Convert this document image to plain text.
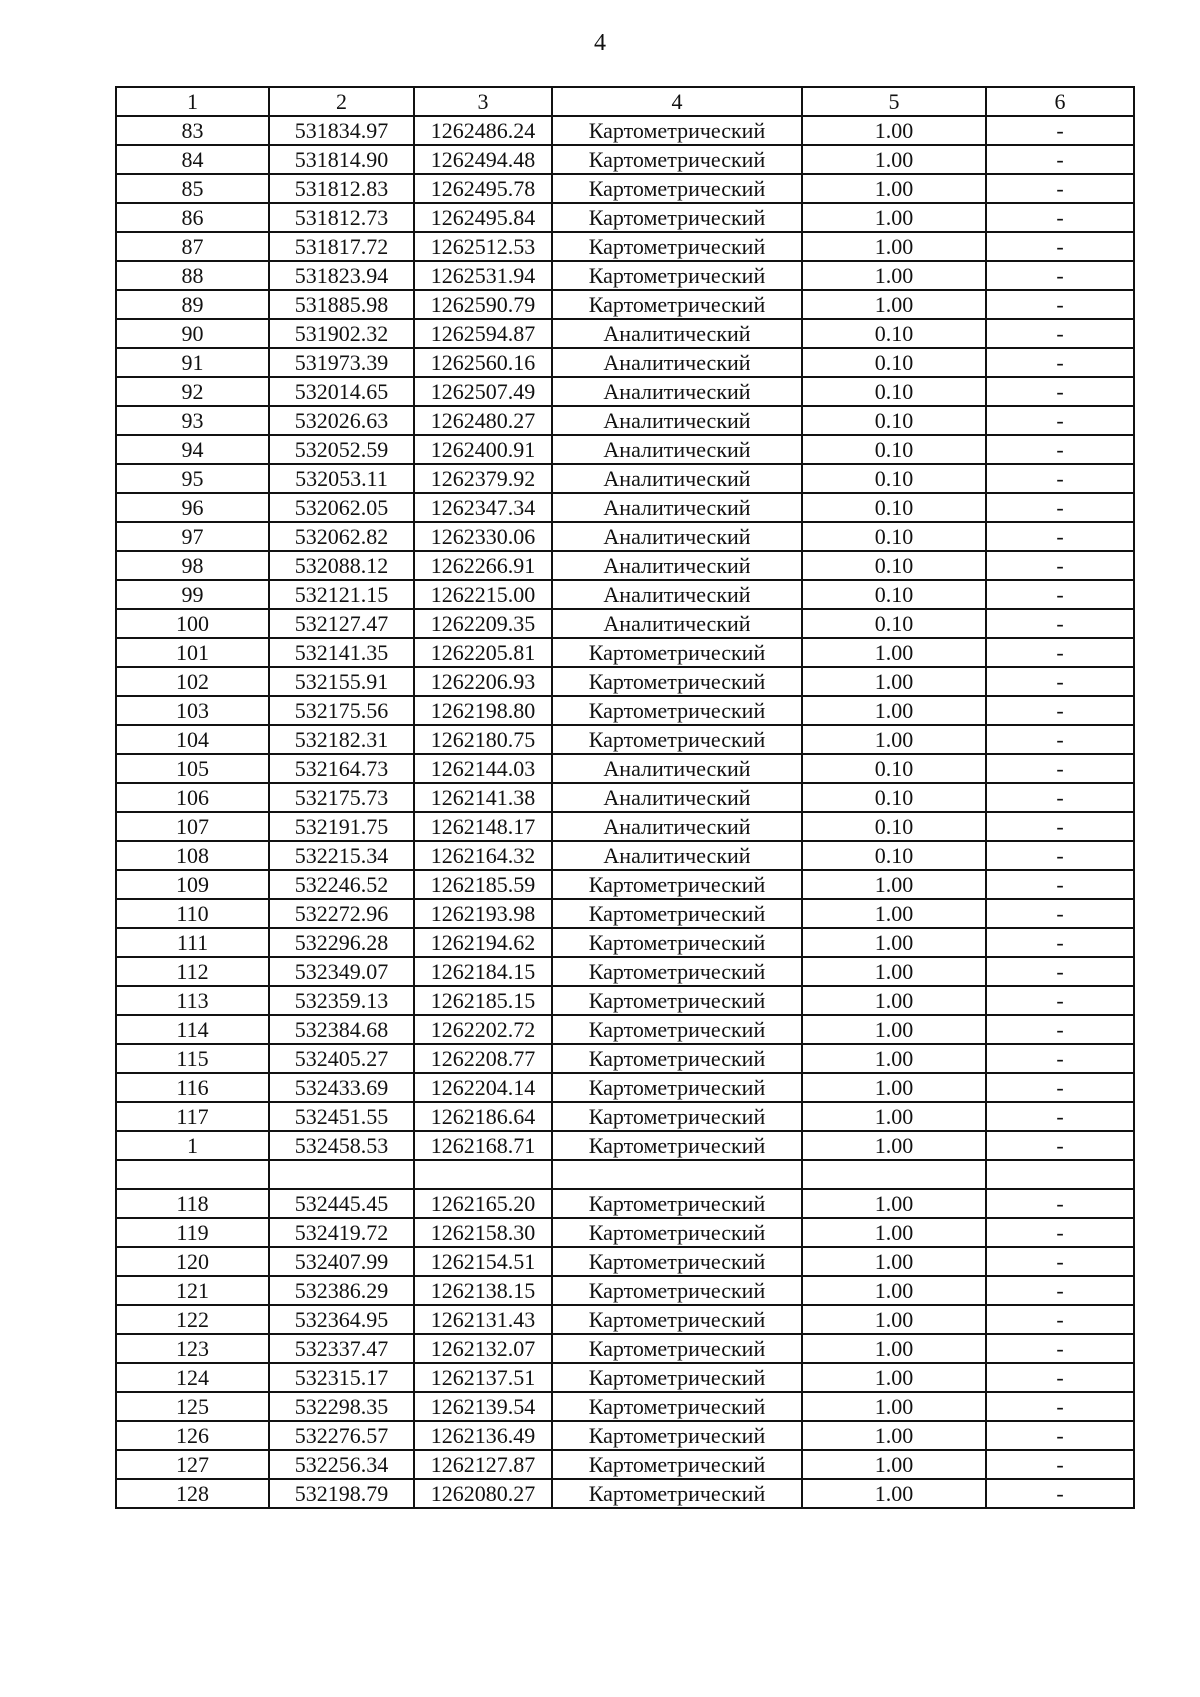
4
1	2	3	4	5	6
83	531834.97	1262486.24	Картометрический	1.00	-
84	531814.90	1262494.48	Картометрический	1.00	-
85	531812.83	1262495.78	Картометрический	1.00	-
86	531812.73	1262495.84	Картометрический	1.00	-
87	531817.72	1262512.53	Картометрический	1.00	-
88	531823.94	1262531.94	Картометрический	1.00	-
89	531885.98	1262590.79	Картометрический	1.00	-
90	531902.32	1262594.87	Аналитический	0.10	-
91	531973.39	1262560.16	Аналитический	0.10	-
92	532014.65	1262507.49	Аналитический	0.10	-
93	532026.63	1262480.27	Аналитический	0.10	-
94	532052.59	1262400.91	Аналитический	0.10	-
95	532053.11	1262379.92	Аналитический	0.10	-
96	532062.05	1262347.34	Аналитический	0.10	-
97	532062.82	1262330.06	Аналитический	0.10	-
98	532088.12	1262266.91	Аналитический	0.10	-
99	532121.15	1262215.00	Аналитический	0.10	-
100	532127.47	1262209.35	Аналитический	0.10	-
101	532141.35	1262205.81	Картометрический	1.00	-
102	532155.91	1262206.93	Картометрический	1.00	-
103	532175.56	1262198.80	Картометрический	1.00	-
104	532182.31	1262180.75	Картометрический	1.00	-
105	532164.73	1262144.03	Аналитический	0.10	-
106	532175.73	1262141.38	Аналитический	0.10	-
107	532191.75	1262148.17	Аналитический	0.10	-
108	532215.34	1262164.32	Аналитический	0.10	-
109	532246.52	1262185.59	Картометрический	1.00	-
110	532272.96	1262193.98	Картометрический	1.00	-
111	532296.28	1262194.62	Картометрический	1.00	-
112	532349.07	1262184.15	Картометрический	1.00	-
113	532359.13	1262185.15	Картометрический	1.00	-
114	532384.68	1262202.72	Картометрический	1.00	-
115	532405.27	1262208.77	Картометрический	1.00	-
116	532433.69	1262204.14	Картометрический	1.00	-
117	532451.55	1262186.64	Картометрический	1.00	-
1	532458.53	1262168.71	Картометрический	1.00	-

118	532445.45	1262165.20	Картометрический	1.00	-
119	532419.72	1262158.30	Картометрический	1.00	-
120	532407.99	1262154.51	Картометрический	1.00	-
121	532386.29	1262138.15	Картометрический	1.00	-
122	532364.95	1262131.43	Картометрический	1.00	-
123	532337.47	1262132.07	Картометрический	1.00	-
124	532315.17	1262137.51	Картометрический	1.00	-
125	532298.35	1262139.54	Картометрический	1.00	-
126	532276.57	1262136.49	Картометрический	1.00	-
127	532256.34	1262127.87	Картометрический	1.00	-
128	532198.79	1262080.27	Картометрический	1.00	-
